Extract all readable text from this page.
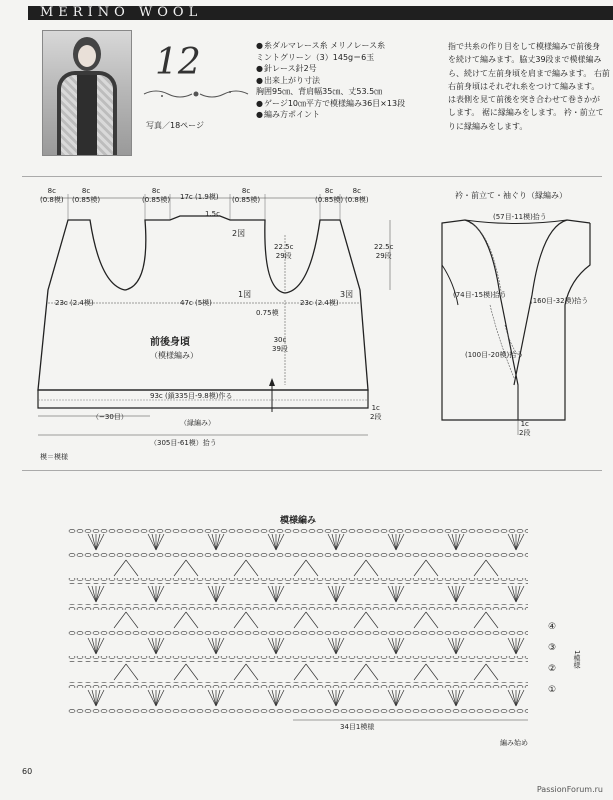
MERINO WOOL
12
写真／18ページ
● 糸ダルマレース糸 メリノレース糸
ミントグリーン（3）145g＝6玉
● 針レース針2号
● 出来上がり寸法
胸囲95㎝、背肩幅35㎝、丈53.5㎝
● ゲージ10㎝平方で模様編み36目×13段
● 編み方ポイント
指で共糸の作り目をして模様編みで前後身
を続けて編みます。脇丈39段まで模様編み
ら、続けて左前身頃を肩まで編みます。 右前
右前身頃はそれぞれ糸をつけて編みます。
は表側を見て前後を突き合わせて巻きかが
します。 裾に縁編みをします。 衿・前立て
りに縁編みをします。
8c
(0.8模)
8c
(0.85模)
8c
(0.85模) 17c (1.9模)
8c
(0.85模)
8c
(0.85模)
8c
(0.8模)
1.5c
2図
22.5c
29段
22.5c
29段
1図	3図
23c (2.4模)	47c (5模)	23c (2.4模)
0.75模
30c
39段
前後身頃
（模様編み）
93c (鎖335目-9.8模)作る
1c
2段
（−30目）
（縁編み）
（305目-61模）拾う
模＝模様
衿・前立て・袖ぐり（縁編み）
(57目-11模)拾う
(74目-15模)拾う
(160目-32模)拾う
(100目-20模)拾う
1c
2段
模様編み
④
③
②
①
1模様
34目1模様
編み始め
60
PassionForum.ru
